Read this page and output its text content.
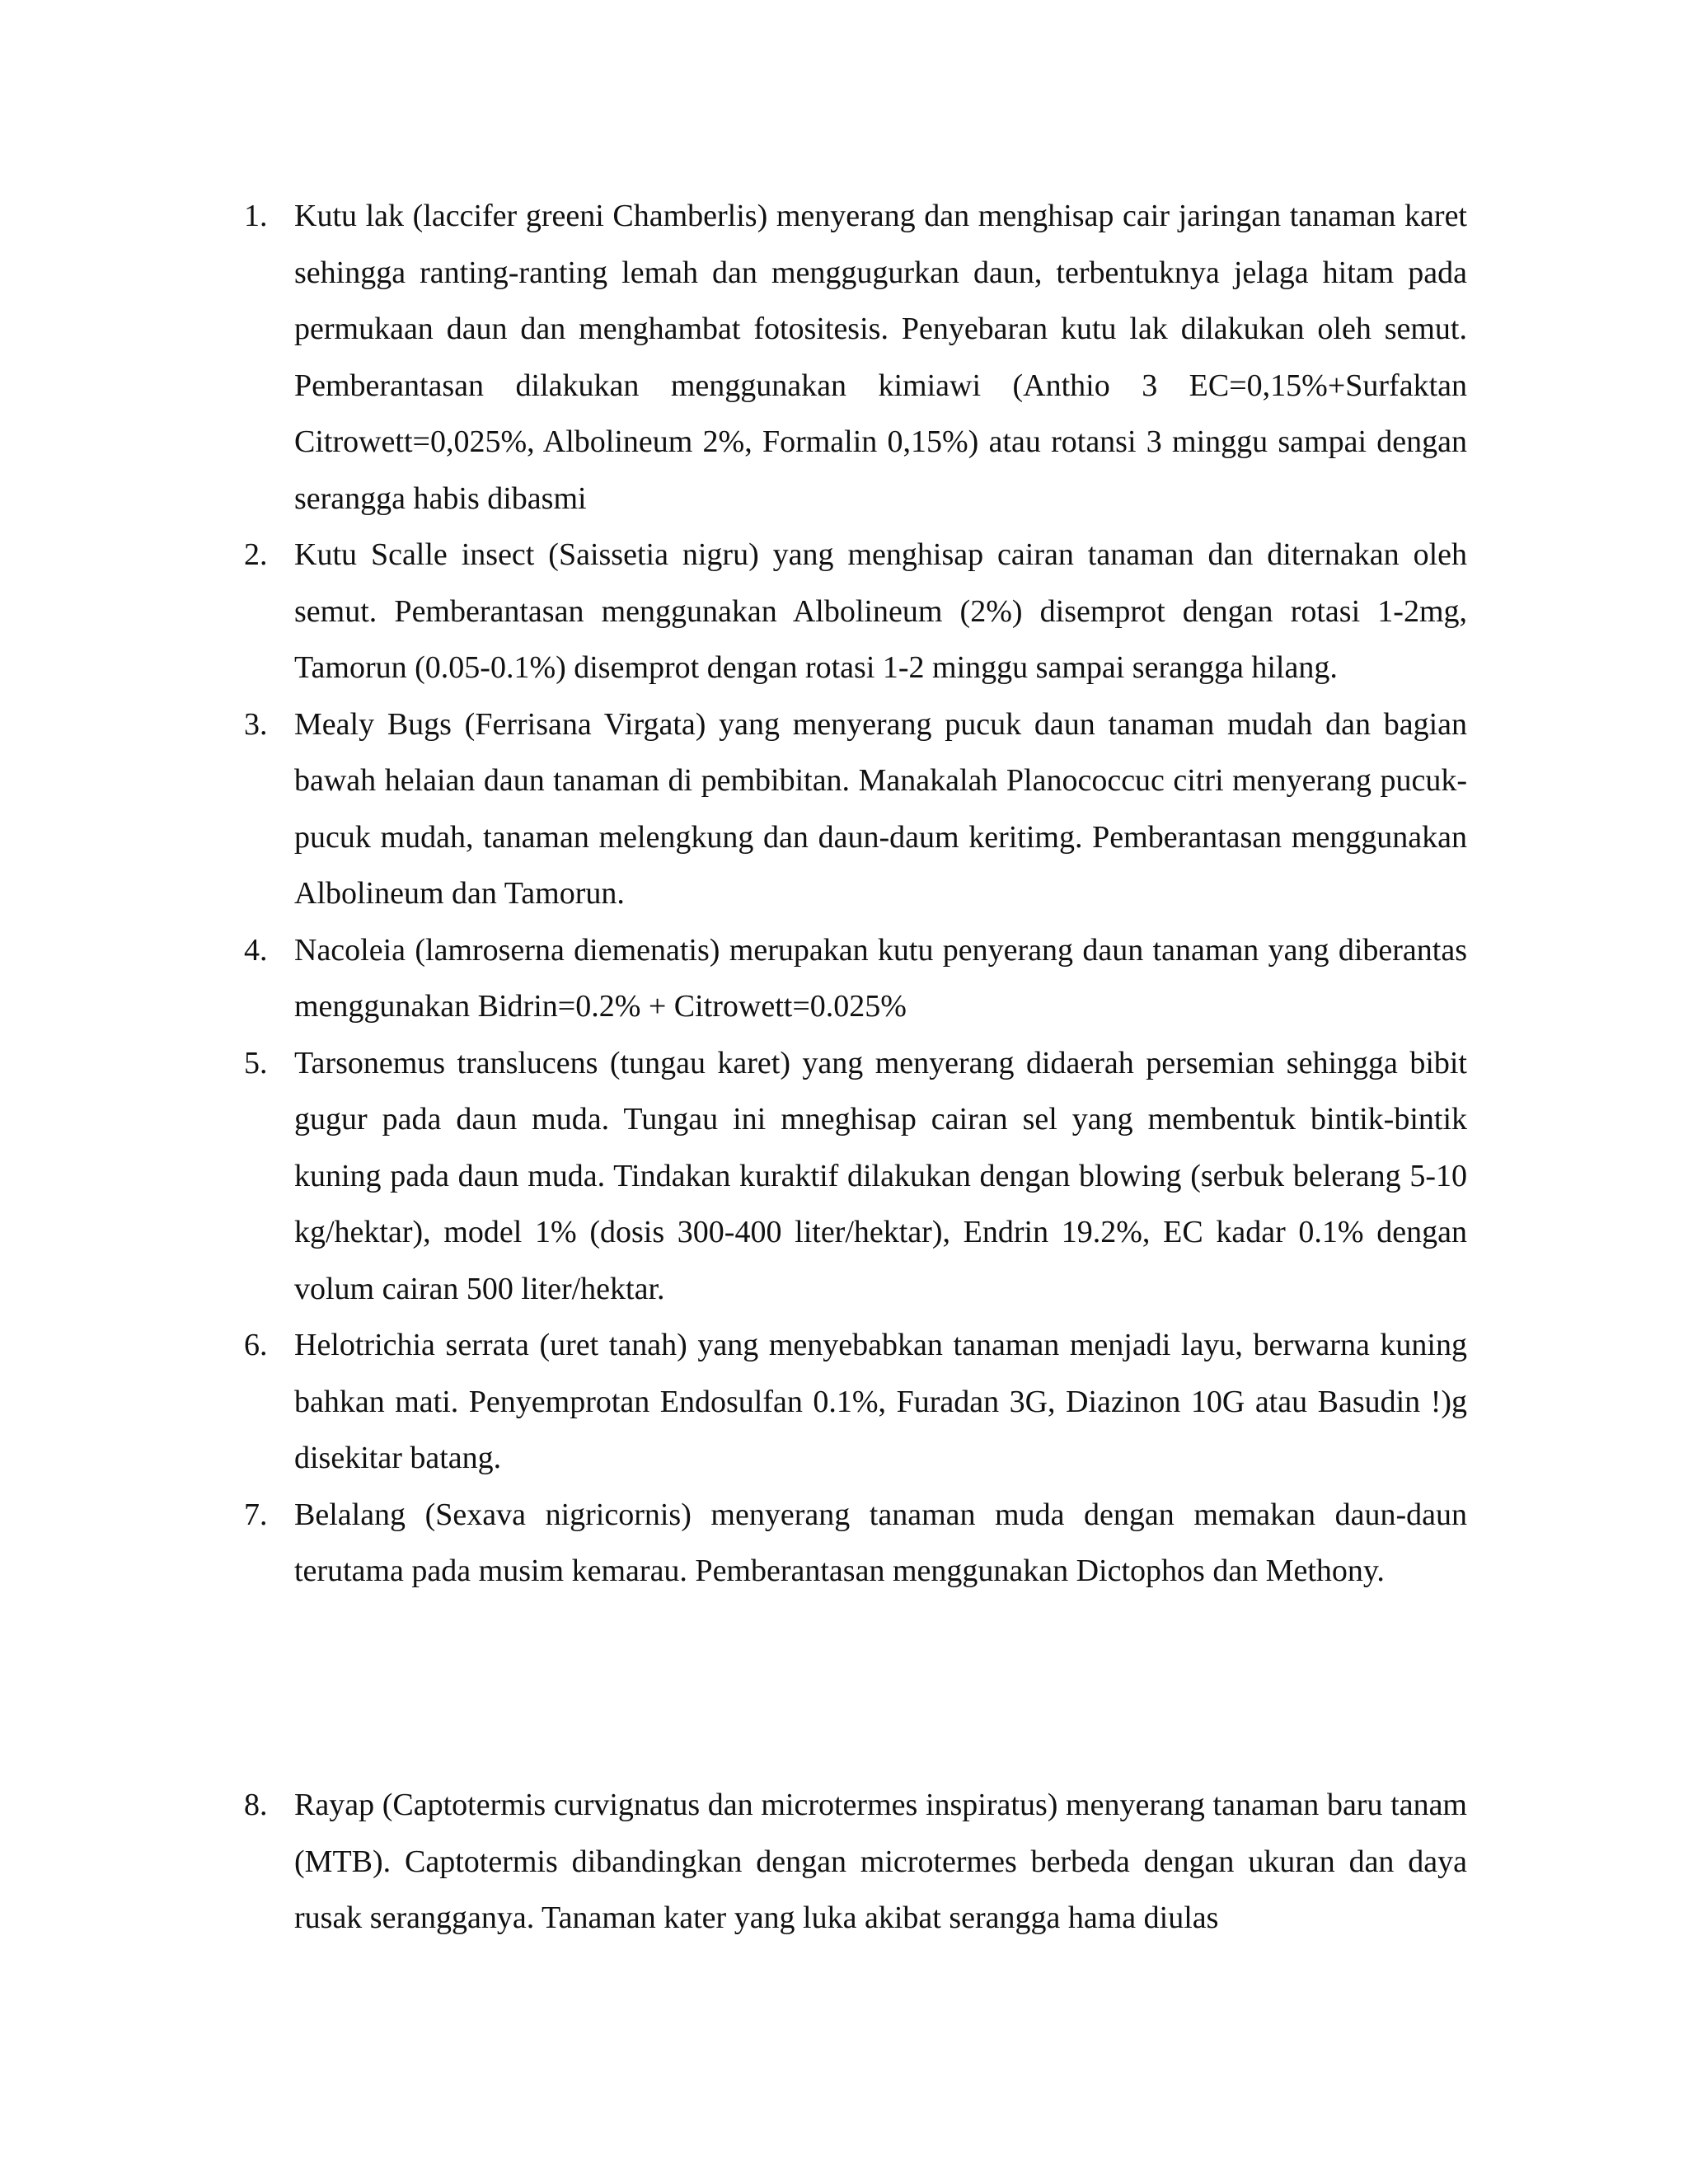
1. Kutu lak (laccifer greeni Chamberlis) menyerang dan menghisap cair jaringan tanaman karet sehingga ranting-ranting lemah dan menggugurkan daun, terbentuknya jelaga hitam pada permukaan daun dan menghambat fotositesis. Penyebaran kutu lak dilakukan oleh semut. Pemberantasan dilakukan menggunakan kimiawi (Anthio 3 EC=0,15%+Surfaktan Citrowett=0,025%, Albolineum 2%, Formalin 0,15%) atau rotansi 3 minggu sampai dengan serangga habis dibasmi
2. Kutu Scalle insect (Saissetia nigru) yang menghisap cairan tanaman dan diternakan oleh semut. Pemberantasan menggunakan Albolineum (2%) disemprot dengan rotasi 1-2mg, Tamorun (0.05-0.1%) disemprot dengan rotasi 1-2 minggu sampai serangga hilang.
3. Mealy Bugs (Ferrisana Virgata) yang menyerang pucuk daun tanaman mudah dan bagian bawah helaian daun tanaman di pembibitan. Manakalah Planococcuc citri menyerang pucuk-pucuk mudah, tanaman melengkung dan daun-daum keritimg. Pemberantasan menggunakan Albolineum dan Tamorun.
4. Nacoleia (lamroserna diemenatis) merupakan kutu penyerang daun tanaman yang diberantas menggunakan Bidrin=0.2% + Citrowett=0.025%
5. Tarsonemus translucens (tungau karet) yang menyerang didaerah persemian sehingga bibit gugur pada daun muda. Tungau ini mneghisap cairan sel yang membentuk bintik-bintik kuning pada daun muda. Tindakan kuraktif dilakukan dengan blowing (serbuk belerang 5-10 kg/hektar), model 1% (dosis 300-400 liter/hektar), Endrin 19.2%, EC kadar 0.1% dengan volum cairan 500 liter/hektar.
6. Helotrichia serrata (uret tanah) yang menyebabkan tanaman menjadi layu, berwarna kuning bahkan mati. Penyemprotan Endosulfan 0.1%, Furadan 3G, Diazinon 10G atau Basudin !)g disekitar batang.
7. Belalang (Sexava nigricornis) menyerang tanaman muda dengan memakan daun-daun terutama pada musim kemarau. Pemberantasan menggunakan Dictophos dan Methony.
8. Rayap (Captotermis curvignatus dan microtermes inspiratus) menyerang tanaman baru tanam (MTB). Captotermis dibandingkan dengan microtermes berbeda dengan ukuran dan daya rusak serangganya. Tanaman kater yang luka akibat serangga hama diulas
